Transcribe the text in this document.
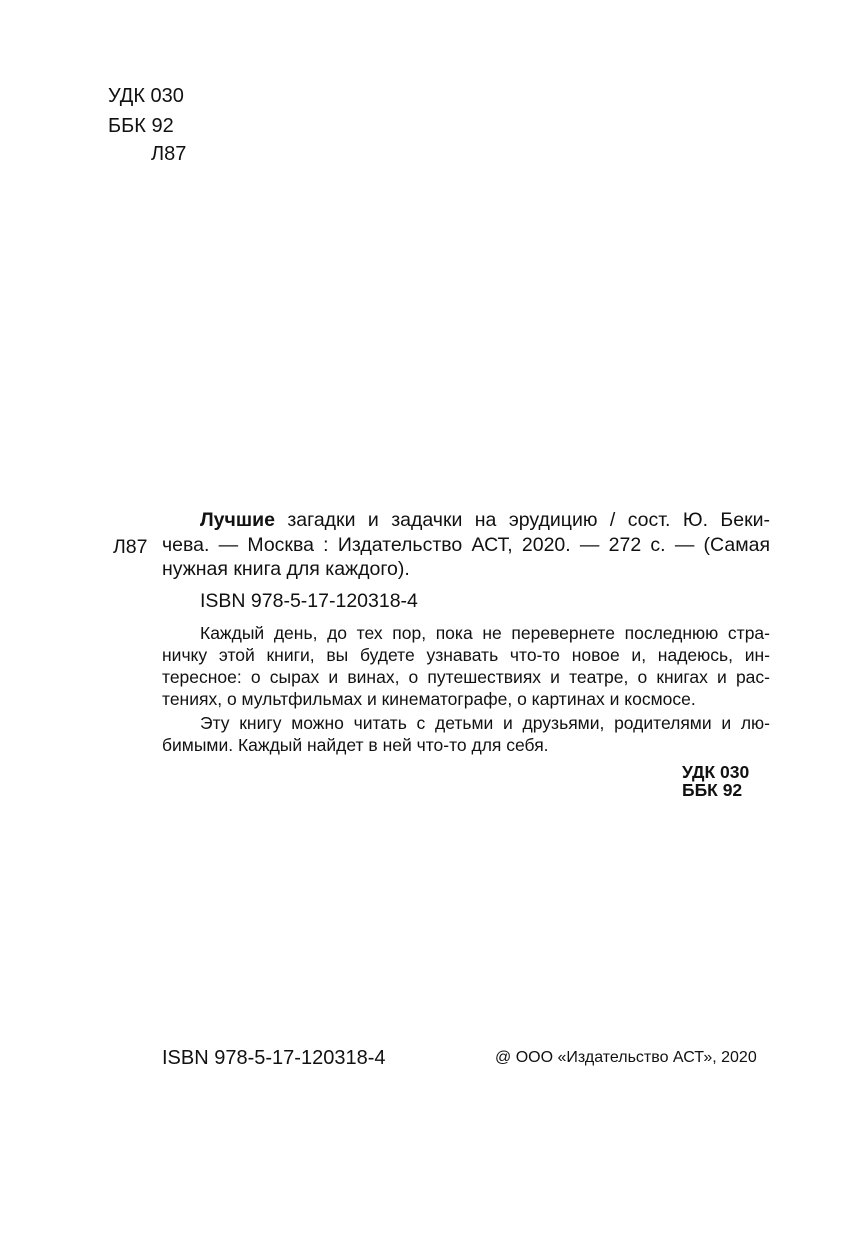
УДК 030
ББК 92
Л87
Л87
Лучшие загадки и задачки на эрудицию / сост. Ю. Беки-
чева. — Москва : Издательство АСТ, 2020. — 272 с. — (Самая
нужная книга для каждого).
ISBN 978-5-17-120318-4
Каждый день, до тех пор, пока не перевернете последнюю стра-
ничку этой книги, вы будете узнавать что-то новое и, надеюсь, ин-
тересное: о сырах и винах, о путешествиях и театре, о книгах и рас-
тениях, о мультфильмах и кинематографе, о картинах и космосе.
Эту книгу можно читать с детьми и друзьями, родителями и лю-
бимыми. Каждый найдет в ней что-то для себя.
УДК 030
ББК 92
ISBN 978-5-17-120318-4	@ ООО «Издательство АСТ», 2020
